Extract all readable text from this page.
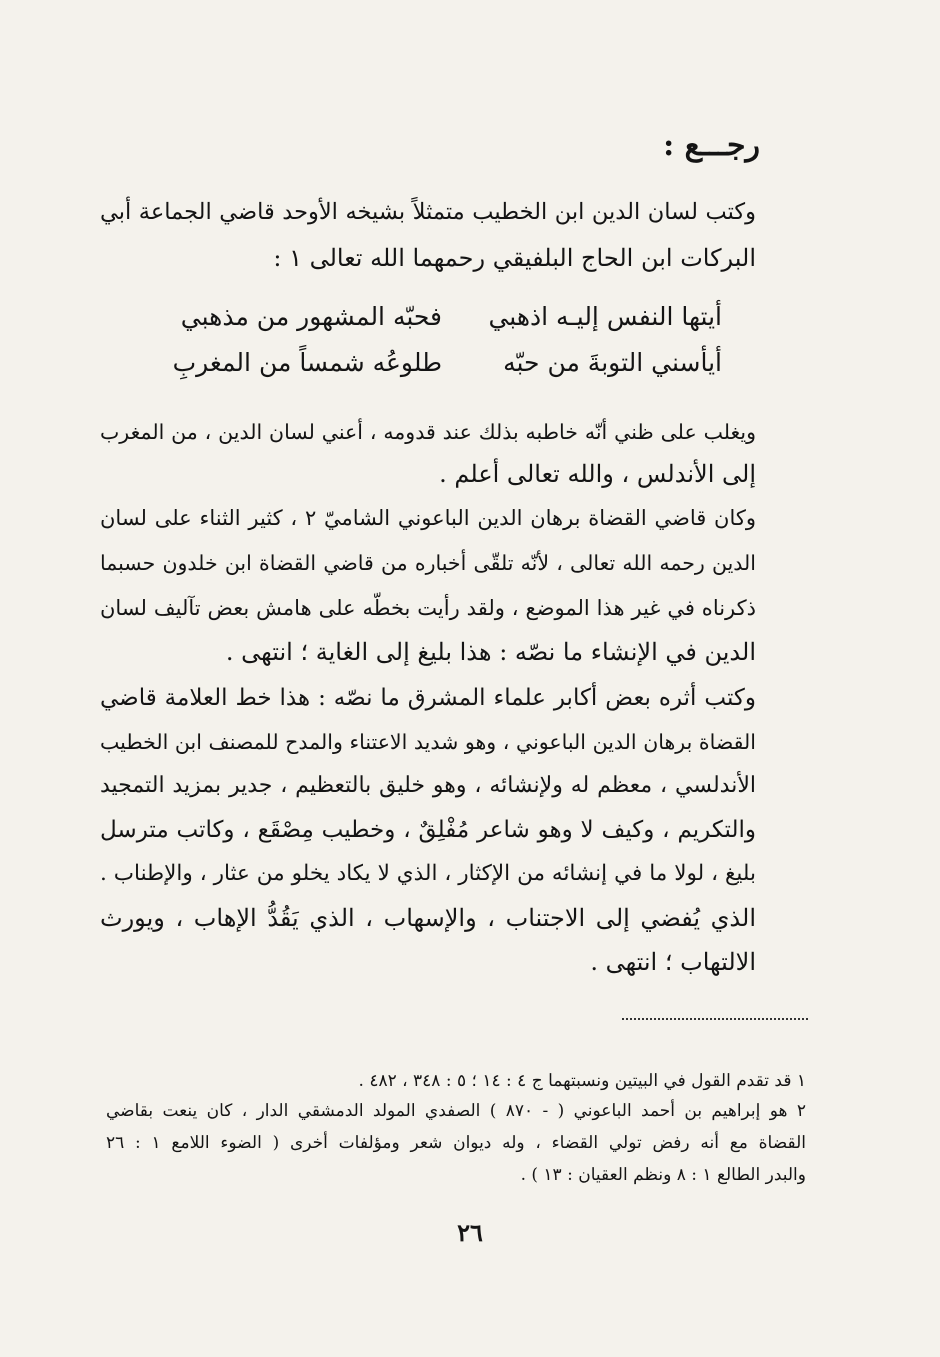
رجـــع :
وكتب لسان الدين ابن الخطيب متمثلاً بشيخه الأوحد قاضي الجماعة أبي
البركات ابن الحاج البلفيقي رحمهما الله تعالى ١ :
أيتها النفس إليـه اذهبي
فحبّه المشهور من مذهبي
أيأسني التوبةَ من حبّه
طلوعُه شمساً من المغربِ
ويغلب على ظني أنّه خاطبه بذلك عند قدومه ، أعني لسان الدين ، من المغرب
إلى الأندلس ، والله تعالى أعلم .
وكان قاضي القضاة برهان الدين الباعوني الشاميّ ٢ ، كثير الثناء على لسان
الدين رحمه الله تعالى ، لأنّه تلقّى أخباره من قاضي القضاة ابن خلدون حسبما
ذكرناه في غير هذا الموضع ، ولقد رأيت بخطّه على هامش بعض تآليف لسان
الدين في الإنشاء ما نصّه : هذا بليغ إلى الغاية ؛ انتهى .
وكتب أثره بعض أكابر علماء المشرق ما نصّه : هذا خط العلامة قاضي
القضاة برهان الدين الباعوني ، وهو شديد الاعتناء والمدح للمصنف ابن الخطيب
الأندلسي ، معظم له ولإنشائه ، وهو خليق بالتعظيم ، جدير بمزيد التمجيد
والتكريم ، وكيف لا وهو شاعر مُفْلِقٌ ، وخطيب مِصْقَع ، وكاتب مترسل
بليغ ، لولا ما في إنشائه من الإكثار ، الذي لا يكاد يخلو من عثار ، والإطناب .
الذي يُفضي إلى الاجتناب ، والإسهاب ، الذي يَقُدُّ الإهاب ، ويورث
الالتهاب ؛ انتهى .
١ قد تقدم القول في البيتين ونسبتهما ج ٤ : ١٤ ؛ ٥ : ٣٤٨ ، ٤٨٢ .
٢ هو إبراهيم بن أحمد الباعوني ( - ٨٧٠ ) الصفدي المولد الدمشقي الدار ، كان ينعت بقاضي
القضاة مع أنه رفض تولي القضاء ، وله ديوان شعر ومؤلفات أخرى ( الضوء اللامع ١ : ٢٦
والبدر الطالع ١ : ٨ ونظم العقيان : ١٣ ) .
٢٦
